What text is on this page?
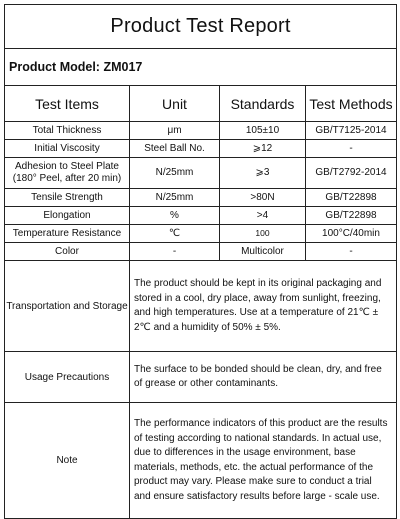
Product Test Report			
Product Model: ZM017			
Test Items	Unit	Standards	Test Methods
Total Thickness	μm	105±10	GB/T7125-2014
Initial Viscosity	Steel Ball No.	⩾12	-

Adhesion to Steel Plate
(180° Peel, after 20 min)	N/25mm	⩾3	GB/T2792-2014
Tensile Strength	N/25mm	>80N	GB/T22898
Elongation	%	>4	GB/T22898
Temperature Resistance	℃	100	100°C/40min
Color	-	Multicolor	-
Transportation and Storage	The product should be kept in its original packaging and stored in a cool, dry place, away from sunlight, freezing, and high temperatures. Use at a temperature of 21℃ ± 2℃ and a humidity of 50% ± 5%.		
Usage Precautions	The surface to be bonded should be clean, dry, and free of grease or other contaminants.		
Note	The performance indicators of this product are the results of testing according to national standards. In actual use, due to differences in the usage environment, base materials, methods, etc. the actual performance of the product may vary. Please make sure to conduct a trial and ensure satisfactory results before large - scale use.		
